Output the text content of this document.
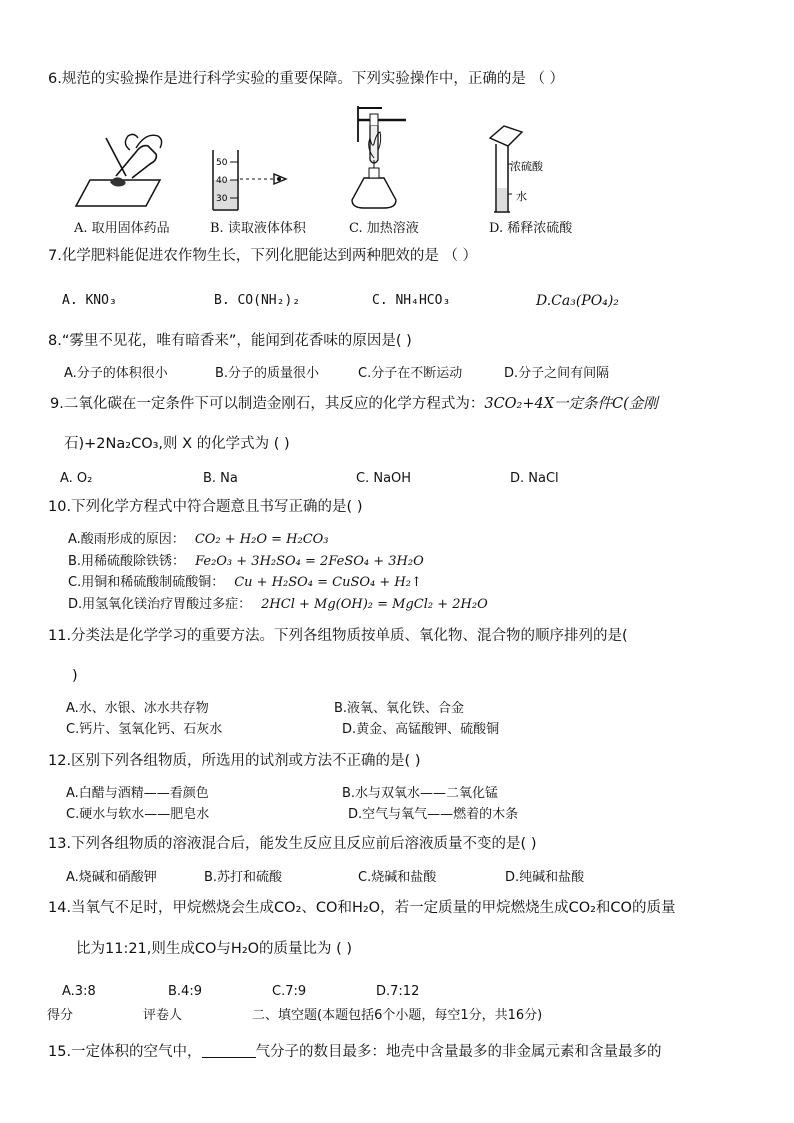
6.规范的实验操作是进行科学实验的重要保障。下列实验操作中，正确的是 （ ）
A. 取用固体药品
50
40
30
B. 读取液体体积	C. 加热溶液
浓硫酸
水
D. 稀释浓硫酸
7.化学肥料能促进农作物生长，下列化肥能达到两种肥效的是 （ ）
A. KNO₃	B. CO(NH₂)₂	C. NH₄HCO₃	D.Ca₃(PO₄)₂
8.“雾里不见花，唯有暗香来”，能闻到花香味的原因是( )
A.分子的体积很小	B.分子的质量很小	C.分子在不断运动	D.分子之间有间隔
9.二氧化碳在一定条件下可以制造金刚石，其反应的化学方程式为：3CO₂+4X一定条件C(金刚
石)+2Na₂CO₃,则 X 的化学式为 ( )
A. O₂	B. Na	C. NaOH	D. NaCl
10.下列化学方程式中符合题意且书写正确的是( )
A.酸雨形成的原因： CO₂ + H₂O = H₂CO₃
B.用稀硫酸除铁锈： Fe₂O₃ + 3H₂SO₄ = 2FeSO₄ + 3H₂O
C.用铜和稀硫酸制硫酸铜： Cu + H₂SO₄ = CuSO₄ + H₂↑
D.用氢氧化镁治疗胃酸过多症： 2HCl + Mg(OH)₂ = MgCl₂ + 2H₂O
11.分类法是化学学习的重要方法。下列各组物质按单质、氧化物、混合物的顺序排列的是(
)
A.水、水银、冰水共存物	B.液氧、氧化铁、合金
C.钙片、氢氧化钙、石灰水	D.黄金、高锰酸钾、硫酸铜
12.区别下列各组物质，所选用的试剂或方法不正确的是( )
A.白醋与酒精——看颜色	B.水与双氧水——二氧化锰
C.硬水与软水——肥皂水	D.空气与氧气——燃着的木条
13.下列各组物质的溶液混合后，能发生反应且反应前后溶液质量不变的是( )
A.烧碱和硝酸钾	B.苏打和硫酸	C.烧碱和盐酸	D.纯碱和盐酸
14.当氧气不足时，甲烷燃烧会生成CO₂、CO和H₂O，若一定质量的甲烷燃烧生成CO₂和CO的质量
比为11:21,则生成CO与H₂O的质量比为 ( )
A.3:8	B.4:9	C.7:9	D.7:12
得分	评卷人	二、填空题(本题包括6个小题，每空1分，共16分)
15.一定体积的空气中，	气分子的数目最多：地壳中含量最多的非金属元素和含量最多的
